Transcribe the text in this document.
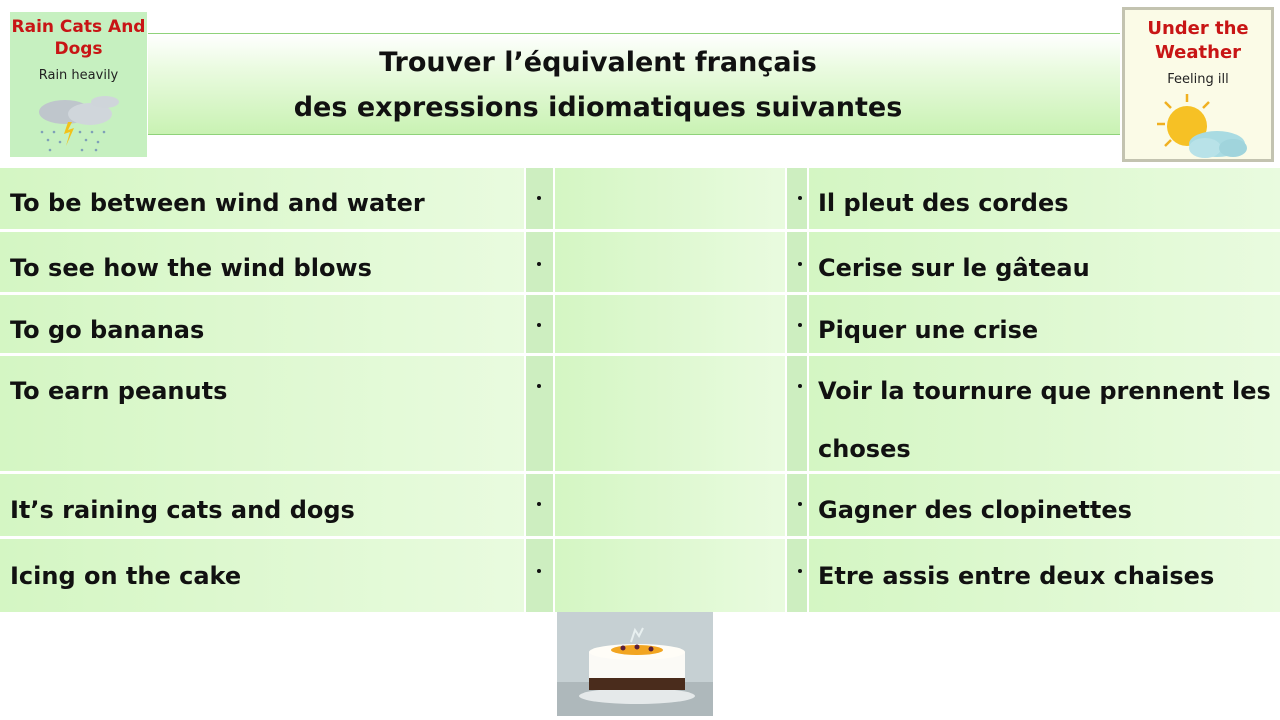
Trouver l’équivalent français
des expressions idiomatiques suivantes
Rain Cats And Dogs
Rain heavily
Under the Weather
Feeling ill
To be between wind and water	Il pleut des cordes
To see how the wind blows	Cerise sur le gâteau
To go bananas	Piquer une crise
To earn peanuts	Voir la tournure que prennent les choses
It’s raining cats and dogs	Gagner des clopinettes
Icing on the cake	Etre assis entre deux chaises
